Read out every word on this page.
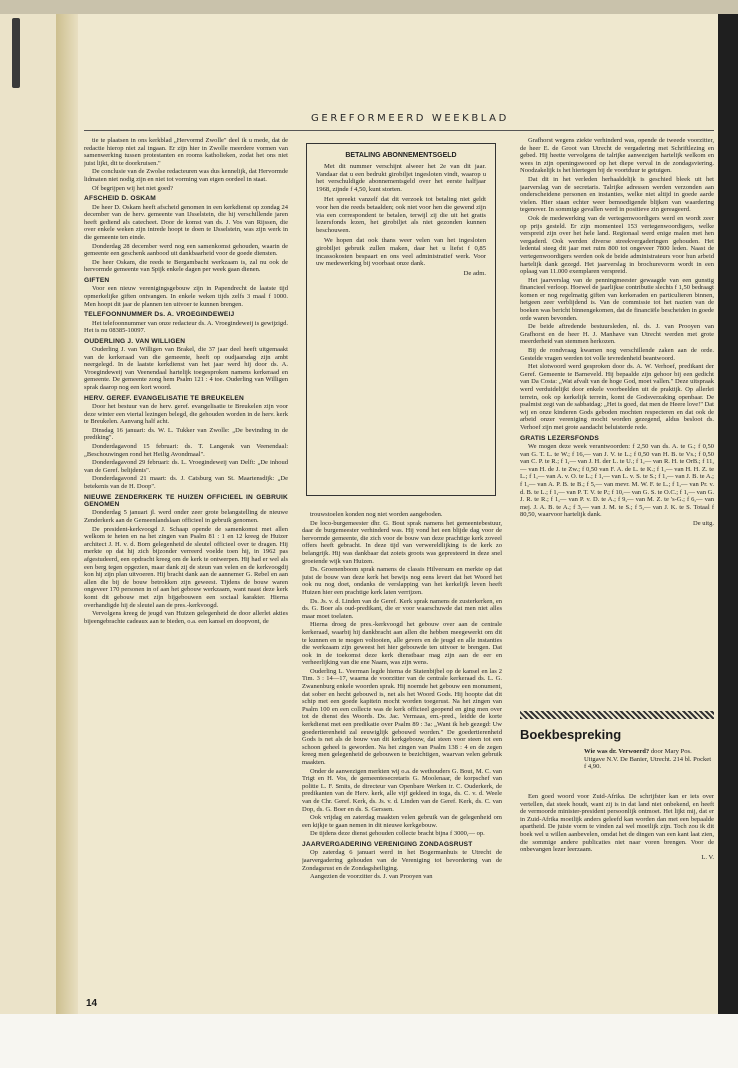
GEREFORMEERD WEEKBLAD

tie te plaatsen in ons kerkblad „Hervormd Zwolle" deel ik u mede, dat de redactie hierop niet zal ingaan. Er zijn hier in Zwolle meerdere vormen van samenwerking tussen protestanten en rooms katholieken, zodat het ons niet juist lijkt, dit te doorkruisen."

De conclusie van de Zwolse redacteuren was dus kennelijk, dat Hervormde lidmaten niet nodig zijn en niet tot vorming van eigen oordeel in staat.

Of begrijpen wij het niet goed?

AFSCHEID D. OSKAM

De heer D. Oskam heeft afscheid genomen in een kerkdienst op zondag 24 december van de herv. gemeente van IJsselstein, die hij verschillende jaren heeft gediend als catecheet. Door de komst van ds. J. Vos van Rijssen, die over enkele weken zijn intrede hoopt te doen te IJsselstein, was zijn werk in die gemeente ten einde.

Donderdag 28 december werd nog een samenkomst gehouden, waarin de gemeente een geschenk aanbood uit dankbaarheid voor de goede diensten.

De heer Oskam, die reeds te Bergambacht werkzaam is, zal nu ook de hervormde gemeente van Spijk enkele dagen per week gaan dienen.

GIFTEN

Voor een nieuw verenigingsgebouw zijn in Papendrecht de laatste tijd opmerkelijke giften ontvangen. In enkele weken tijds zelfs 3 maal f 1000. Men hoopt dit jaar de plannen ten uitvoer te kunnen brengen.

TELEFOONNUMMER Ds. A. VROEGINDEWEIJ

Het telefoonnummer van onze redacteur ds. A. Vroegindeweij is gewijzigd. Het is nu 08385-10097.

OUDERLING J. VAN WILLIGEN

Ouderling J. van Willigen van Brakel, die 37 jaar deel heeft uitgemaakt van de kerkeraad van die gemeente, heeft op oudjaarsdag zijn ambt neergelegd. In de laatste kerkdienst van het jaar werd hij door ds. A. Vroegindeweij van Veenendaal hartelijk toegesproken namens kerkeraad en gemeente. De gemeente zong hem Psalm 121 : 4 toe. Ouderling van Willigen sprak daarop nog een kort woord.

HERV. GEREF. EVANGELISATIE TE BREUKELEN

Door het bestuur van de herv. geref. evangelisatie te Breukelen zijn voor deze winter een viertal lezingen belegd, die gehouden worden in de herv. kerk te Breukelen. Aanvang half acht.

Dinsdag 16 januari: ds. W. L. Tukker van Zwolle: „De bevinding in de prediking".

Donderdagavond 15 februari: ds. T. Langerak van Veenendaal: „Beschouwingen rond het Heilig Avondmaal".

Donderdagavond 29 februari: ds. L. Vroegindeweij van Delft: „De inhoud van de Geref. belijdenis".

Donderdagavond 21 maart: ds. J. Catsburg van St. Maartensdijk: „De betekenis van de H. Doop".

NIEUWE ZENDERKERK TE HUIZEN OFFICIEEL IN GEBRUIK GENOMEN

Donderdag 5 januari jl. werd onder zeer grote belangstelling de nieuwe Zenderkerk aan de Gemeenlandslaan officieel in gebruik genomen.

De president-kerkvoogd J. Schaap opende de samenkomst met allen welkom te heten en na het zingen van Psalm 81 : 1 en 12 kreeg de Huizer architect J. H. v. d. Born gelegenheid de sleutel officieel over te dragen. Hij merkte op dat hij zich bijzonder verreerd voelde toen hij, in 1962 pas afgestudeerd, een opdracht kreeg om de kerk te ontwerpen. Hij had er wel als een berg tegen opgezien, maar dank zij de steun van velen en de kerkvoogdij kon hij zijn plan uitvoeren. Hij bracht dank aan de aannemer G. Rebel en aan allen die bij de bouw betrokken zijn geweest. Tijdens de bouw waren ongeveer 170 personen in of aan het gebouw werkzaam, want naast deze kerk komt dit gebouw met zijn bijgebouwen een sociaal karakter. Hierna overhandigde hij de sleutel aan de pres.-kerkvoogd.

Vervolgens kreeg de jeugd van Huizen gelegenheid de door allerlei akties bijeengebrachte cadeaux aan te bieden, o.a. een kansel en doopvont, de

BETALING ABONNEMENTSGELD

Met dit nummer verschijnt alweer het 2e van dit jaar. Vandaar dat u een bedrukt girobiljet ingesloten vindt, waarop u het verschuldigde abonnementsgeld over het eerste halfjaar 1968, zijnde f 4,50, kunt storten.

Het spreekt vanzelf dat dit verzoek tot betaling niet geldt voor hen die reeds betaalden; ook niet voor hen die gewend zijn via een correspondent te betalen, terwijl zij die uit het gratis lezersfonds lezen, het girobiljet als niet gezonden kunnen beschouwen.

We hopen dat ook thans weer velen van het ingesloten girobiljet gebruik zullen maken, daar het u liefst f 0,85 incassokosten bespaart en ons veel administratief werk. Voor uw medewerking bij voorbaat onze dank.

De adm.

trouwstoelen konden nog niet worden aangeboden.

De loco-burgemeester dhr. G. Bout sprak namens het gemeentebestuur, daar de burgemeester verhinderd was. Hij vond het een blijde dag voor de hervormde gemeente, die zich voor de bouw van deze prachtige kerk zoveel offers heeft gebracht. In deze tijd van verwereldlijking is de kerk zo belangrijk. Hij was dankbaar dat zoiets groots was gepresteerd in deze snel groeiende wijk van Huizen.

Ds. Groenenboom sprak namens de classis Hilversum en merkte op dat juist de bouw van deze kerk het bewijs nog eens levert dat het Woord het ook nu nog doet, ondanks de verslapping van het kerkelijk leven heeft Huizen hier een prachtige kerk laten verrijzen.

Ds. Js. v. d. Linden van de Geref. Kerk sprak namens de zusterkerken, en ds. G. Boer als oud-predikant, die er voor waarschuwde dat men niet alles maar moet toelaten.

Hierna droeg de pres.-kerkvoogd het gebouw over aan de centrale kerkeraad, waarbij hij dankbracht aan allen die hebben meegewerkt om dit te kunnen en te mogen voltooien, alle gevers en de jeugd en alle instanties die werkzaam zijn geweest het hier gebouwde ten uitvoer te brengen. Dat ook in de toekomst deze kerk dienstbaar mag zijn aan de eer en verheerlijking van die ene Naam, was zijn wens.

Ouderling L. Veerman legde hierna de Statenbijbel op de kansel en las 2 Tim. 3 : 14—17, waarna de voorzitter van de centrale kerkeraad ds. L. G. Zwanenburg enkele woorden sprak. Hij noemde het gebouw een monument, dat sober en hecht gebouwd is, net als het Woord Gods. Hij hoopte dat dit schip met een goede kapitein mocht worden toegerust. Na het zingen van Psalm 100 en een collecte was de kerk officieel geopend en ging men over tot de dienst des Woords. Ds. Jac. Vermaas, em.-pred., leidde de korte kerkdienst met een predikatie over Psalm 89 : 3a: „Want ik heb gezegd: Uw goedertierenheid zal eeuwiglijk gebouwd worden." De goedertierenheid Gods is net als de bouw van dit kerkgebouw, dat steen voor steen tot een schoon geheel is geworden. Na het zingen van Psalm 138 : 4 en de zegen kreeg men gelegenheid de gebouwen te bezichtigen, waarvan velen gebruik maakten.

Onder de aanwezigen merkten wij o.a. de wethouders G. Bout, M. C. van Trigt en H. Vos, de gemeentesecretaris G. Moolenaar, de korpschef van politie L. F. Smits, de directeur van Openbare Werken ir. C. Ouderkerk, de predikanten van de Herv. kerk, alle vijf gekleed in toga, ds. C. v. d. Weele van de Chr. Geref. Kerk, ds. Js. v. d. Linden van de Geref. Kerk, ds. C. van Dop, ds. G. Boer en ds. S. Gerssen.

Ook vrijdag en zaterdag maakten velen gebruik van de gelegenheid om een kijkje te gaan nemen in dit nieuwe kerkgebouw.

De tijdens deze dienst gehouden collecte bracht bijna f 3000,— op.

JAARVERGADERING VERENIGING ZONDAGSRUST

Op zaterdag 6 januari werd in het Bogermanhuis te Utrecht de jaarvergadering gehouden van de Vereniging tot bevordering van de Zondagsrust en de Zondagsheiliging.

Aangezien de voorzitter ds. J. van Prooyen van

Grafhorst wegens ziekte verhinderd was, opende de tweede voorzitter, de heer E. de Groot van Utrecht de vergadering met Schriftlezing en gebed. Hij heette vervolgens de talrijke aanwezigen hartelijk welkom en wees in zijn openingswoord op het diepe verval in de zondagsviering. Noodzakelijk is het hiertegen bij de voortduur te getuigen.

Dat dit in het verleden herhaaldelijk is geschied bleek uit het jaarverslag van de secretaris. Talrijke adressen werden verzonden aan onderscheidene personen en instanties, welke niet altijd in goede aarde vielen. Hier staan echter weer bemoedigende blijken van waardering tegenover. In sommige gevallen werd in positieve zin gereageerd.

Ook de medewerking van de vertegenwoordigers werd en wordt zeer op prijs gesteld. Er zijn momenteel 153 vertegenwoordigers, welke verspreid zijn over het hele land. Regionaal werd enige malen met hen vergaderd. Ook werden diverse streekvergaderingen gehouden. Het ledental steeg dit jaar met ruim 800 tot ongeveer 7800 leden. Naast de vertegenwoordigers werden ook de beide administrateurs voor hun arbeid hartelijk dank gezegd. Het jaarverslag in brochurevorm wordt in een oplaag van 11.000 exemplaren verspreid.

Het jaarverslag van de penningmeester gewaagde van een gunstig financieel verloop. Hoewel de jaarlijkse contributie slechts f 1,50 bedraagt komen er nog regelmatig giften van kerkeraden en particulieren binnen, hetgeen zeer verblijdend is. Van de commissie tot het nazien van de boeken was bericht binnengekomen, dat de financiële bescheiden in goede orde waren bevonden.

De beide aftredende bestuursleden, nl. ds. J. van Prooyen van Grafhorst en de heer H. J. Manhave van Utrecht werden met grote meerderheid van stemmen herkozen.

Bij de rondvraag kwamen nog verschillende zaken aan de orde. Gestelde vragen werden tot volle tevredenheid beantwoord.

Het slotwoord werd gesproken door ds. A. W. Verhoef, predikant der Geref. Gemeente te Barneveld. Hij bepaalde zijn gehoor bij een gedicht van Da Costa: „Wat afvalt van de hoge God, moet vallen." Deze uitspraak werd verduidelijkt door enkele voorbeelden uit de praktijk. Op allerlei terrein, ook op kerkelijk terrein, komt de Godsverzaking openbaar. De psalmist zegt van de sabbatdag: „Het is goed, dat men de Heere love!" Dat wij en onze kinderen Gods geboden mochten respecteren en dat ook de arbeid onzer vereniging mocht worden gezegend, aldus besloot ds. Verhoef zijn met grote aandacht beluisterde rede.

GRATIS LEZERSFONDS

We mogen deze week verantwoorden: f 2,50 van ds. A. te G.; f 0,50 van G. T. L. te W.; f 16,— van J. V. te L.; f 0,50 van H. B. te Vs.; f 0,50 van C. P. te R.; f 1,— van J. H. der L. te U.; f 1,— van R. H. te OrB.; f 11,— van H. de J. te Zw.; f 0,50 van F. A. de L. te K.; f 1,— van H. H. Z. te L.; f 1,— van A. v. O. te L.; f 1,— van L. v. S. te S.; f 1,— van J. B. te A.; f 1,— van A. P. B. te B.; f 5,— van mevr. M. W. F. te L.; f 1,— van Pr. v. d. B. te L.; f 1,— van P. T. V. te P.; f 10,— van G. S. te O.C.; f 1,— van G. J. R. te R.; f 1,— van P. v. D. te A.; f 9,— van M. Z. te 's-G.; f 6,— van mej. J. A. B. te A.; f 3,— van J. M. te S.; f 5,— van J. K. te S. Totaal f 80,50, waarvoor hartelijk dank.

De uitg.

Boekbespreking
Wie was dr. Verwoerd? door Mary Pos. Uitgave N.V. De Banier, Utrecht. 214 bl. Pocket f 4,90.

Een goed woord voor Zuid-Afrika. De schrijfster kan er iets over vertellen, dat steek houdt, want zij is in dat land niet onbekend, en heeft de vermoorde minister-president persoonlijk ontmoet. Het lijkt mij, dat er in Zuid-Afrika moeilijk anders geleefd kan worden dan met een bepaalde apartheid. De juiste vorm te vinden zal wel moeilijk zijn. Toch zou ik dit boek wel u willen aanbevelen, omdat het de dingen van een kant laat zien, die sommige andere publicaties niet naar voren brengen. Voor de onbevangen lezer leerzaam.

L. V.

14
